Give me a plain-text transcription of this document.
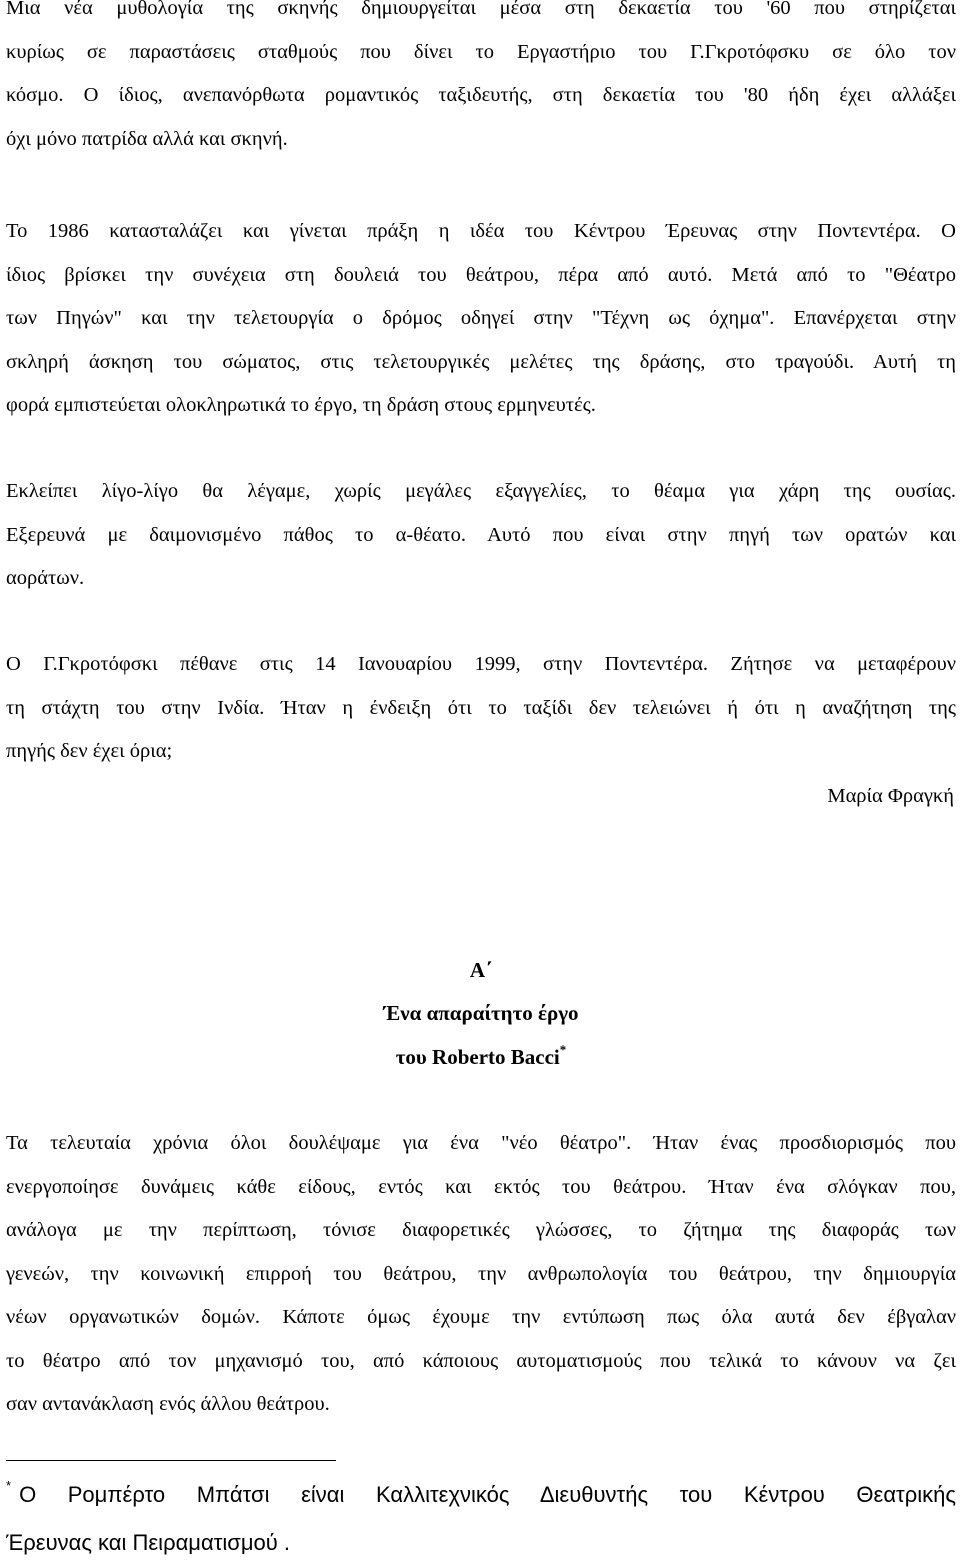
Μια νέα μυθολογία της σκηνής δημιουργείται μέσα στη δεκαετία του '60 που στηρίζεται
κυρίως σε παραστάσεις σταθμούς που δίνει το Εργαστήριο του Γ.Γκροτόφσκυ σε όλο τον
κόσμο. Ο ίδιος, ανεπανόρθωτα ρομαντικός ταξιδευτής, στη δεκαετία του '80 ήδη έχει αλλάξει
όχι μόνο πατρίδα αλλά και σκηνή.
Το 1986 κατασταλάζει και γίνεται πράξη η ιδέα του Κέντρου Έρευνας στην Ποντεντέρα. Ο
ίδιος βρίσκει την συνέχεια στη δουλειά του θεάτρου, πέρα από αυτό. Μετά από το "Θέατρο
των Πηγών" και την τελετουργία ο δρόμος οδηγεί στην "Τέχνη ως όχημα". Επανέρχεται στην
σκληρή άσκηση του σώματος, στις τελετουργικές μελέτες της δράσης, στο τραγούδι. Αυτή τη
φορά εμπιστεύεται ολοκληρωτικά το έργο, τη δράση στους ερμηνευτές.
Εκλείπει λίγο-λίγο θα λέγαμε, χωρίς μεγάλες εξαγγελίες, το θέαμα για χάρη της ουσίας.
Εξερευνά με δαιμονισμένο πάθος το α-θέατο. Αυτό που είναι στην πηγή των ορατών και
αοράτων.
Ο Γ.Γκροτόφσκι πέθανε στις 14 Ιανουαρίου 1999, στην Ποντεντέρα. Ζήτησε να μεταφέρουν
τη στάχτη του στην Ινδία. Ήταν η ένδειξη ότι το ταξίδι δεν τελειώνει ή ότι η αναζήτηση της
πηγής δεν έχει όρια;
Μαρία Φραγκή
Α΄
Ένα απαραίτητο έργο
του Roberto Bacci*
Τα τελευταία χρόνια όλοι δουλέψαμε για ένα "νέο θέατρο". Ήταν ένας προσδιορισμός που
ενεργοποίησε δυνάμεις κάθε είδους, εντός και εκτός του θεάτρου. Ήταν ένα σλόγκαν που,
ανάλογα με την περίπτωση, τόνισε διαφορετικές γλώσσες, το ζήτημα της διαφοράς των
γενεών, την κοινωνική επιρροή του θεάτρου, την ανθρωπολογία του θεάτρου, την δημιουργία
νέων οργανωτικών δομών. Κάποτε όμως έχουμε την εντύπωση πως όλα αυτά δεν έβγαλαν
το θέατρο από τον μηχανισμό του, από κάποιους αυτοματισμούς που τελικά το κάνουν να ζει
σαν αντανάκλαση ενός άλλου θεάτρου.
* Ο Ρομπέρτο Μπάτσι είναι Καλλιτεχνικός Διευθυντής του Κέντρου Θεατρικής
Έρευνας και Πειραματισμού .
